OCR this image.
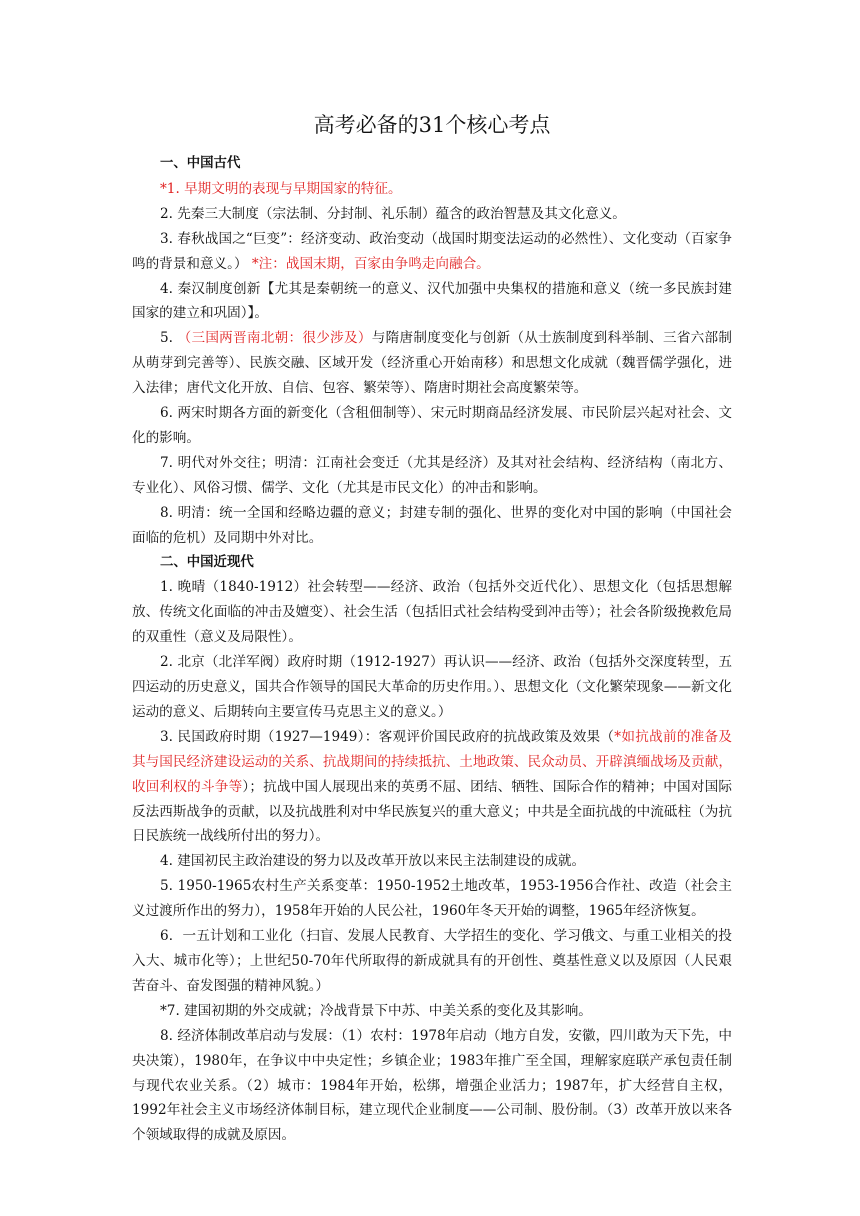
高考必备的31个核心考点
一、中国古代
*1. 早期文明的表现与早期国家的特征。
2. 先秦三大制度（宗法制、分封制、礼乐制）蕴含的政治智慧及其文化意义。
3. 春秋战国之“巨变”：经济变动、政治变动（战国时期变法运动的必然性）、文化变动（百家争鸣的背景和意义。） *注：战国末期，百家由争鸣走向融合。
4. 秦汉制度创新【尤其是秦朝统一的意义、汉代加强中央集权的措施和意义（统一多民族封建国家的建立和巩固）】。
5. （三国两晋南北朝：很少涉及）与隋唐制度变化与创新（从士族制度到科举制、三省六部制从萌芽到完善等）、民族交融、区域开发（经济重心开始南移）和思想文化成就（魏晋儒学强化，进入法律；唐代文化开放、自信、包容、繁荣等）、隋唐时期社会高度繁荣等。
6. 两宋时期各方面的新变化（含租佃制等）、宋元时期商品经济发展、市民阶层兴起对社会、文化的影响。
7. 明代对外交往；明清：江南社会变迁（尤其是经济）及其对社会结构、经济结构（南北方、专业化）、风俗习惯、儒学、文化（尤其是市民文化）的冲击和影响。
8. 明清：统一全国和经略边疆的意义；封建专制的强化、世界的变化对中国的影响（中国社会面临的危机）及同期中外对比。
二、中国近现代
1. 晚晴（1840-1912）社会转型——经济、政治（包括外交近代化）、思想文化（包括思想解放、传统文化面临的冲击及嬗变）、社会生活（包括旧式社会结构受到冲击等）；社会各阶级挽救危局的双重性（意义及局限性）。
2. 北京（北洋军阀）政府时期（1912-1927）再认识——经济、政治（包括外交深度转型，五四运动的历史意义，国共合作领导的国民大革命的历史作用。）、思想文化（文化繁荣现象——新文化运动的意义、后期转向主要宣传马克思主义的意义。）
3. 民国政府时期（1927—1949）：客观评价国民政府的抗战政策及效果（*如抗战前的准备及其与国民经济建设运动的关系、抗战期间的持续抵抗、土地政策、民众动员、开辟滇缅战场及贡献，收回利权的斗争等）；抗战中国人展现出来的英勇不屈、团结、牺牲、国际合作的精神；中国对国际反法西斯战争的贡献，以及抗战胜利对中华民族复兴的重大意义；中共是全面抗战的中流砥柱（为抗日民族统一战线所付出的努力）。
4. 建国初民主政治建设的努力以及改革开放以来民主法制建设的成就。
5. 1950-1965农村生产关系变革：1950-1952土地改革，1953-1956合作社、改造（社会主义过渡所作出的努力），1958年开始的人民公社，1960年冬天开始的调整，1965年经济恢复。
6．一五计划和工业化（扫盲、发展人民教育、大学招生的变化、学习俄文、与重工业相关的投入大、城市化等）；上世纪50-70年代所取得的新成就具有的开创性、奠基性意义以及原因（人民艰苦奋斗、奋发图强的精神风貌。）
*7. 建国初期的外交成就；冷战背景下中苏、中美关系的变化及其影响。
8. 经济体制改革启动与发展：（1）农村：1978年启动（地方自发，安徽，四川敢为天下先，中央决策），1980年，在争议中中央定性；乡镇企业；1983年推广至全国，理解家庭联产承包责任制与现代农业关系。（2）城市：1984年开始，松绑，增强企业活力；1987年，扩大经营自主权，1992年社会主义市场经济体制目标，建立现代企业制度——公司制、股份制。（3）改革开放以来各个领域取得的成就及原因。
